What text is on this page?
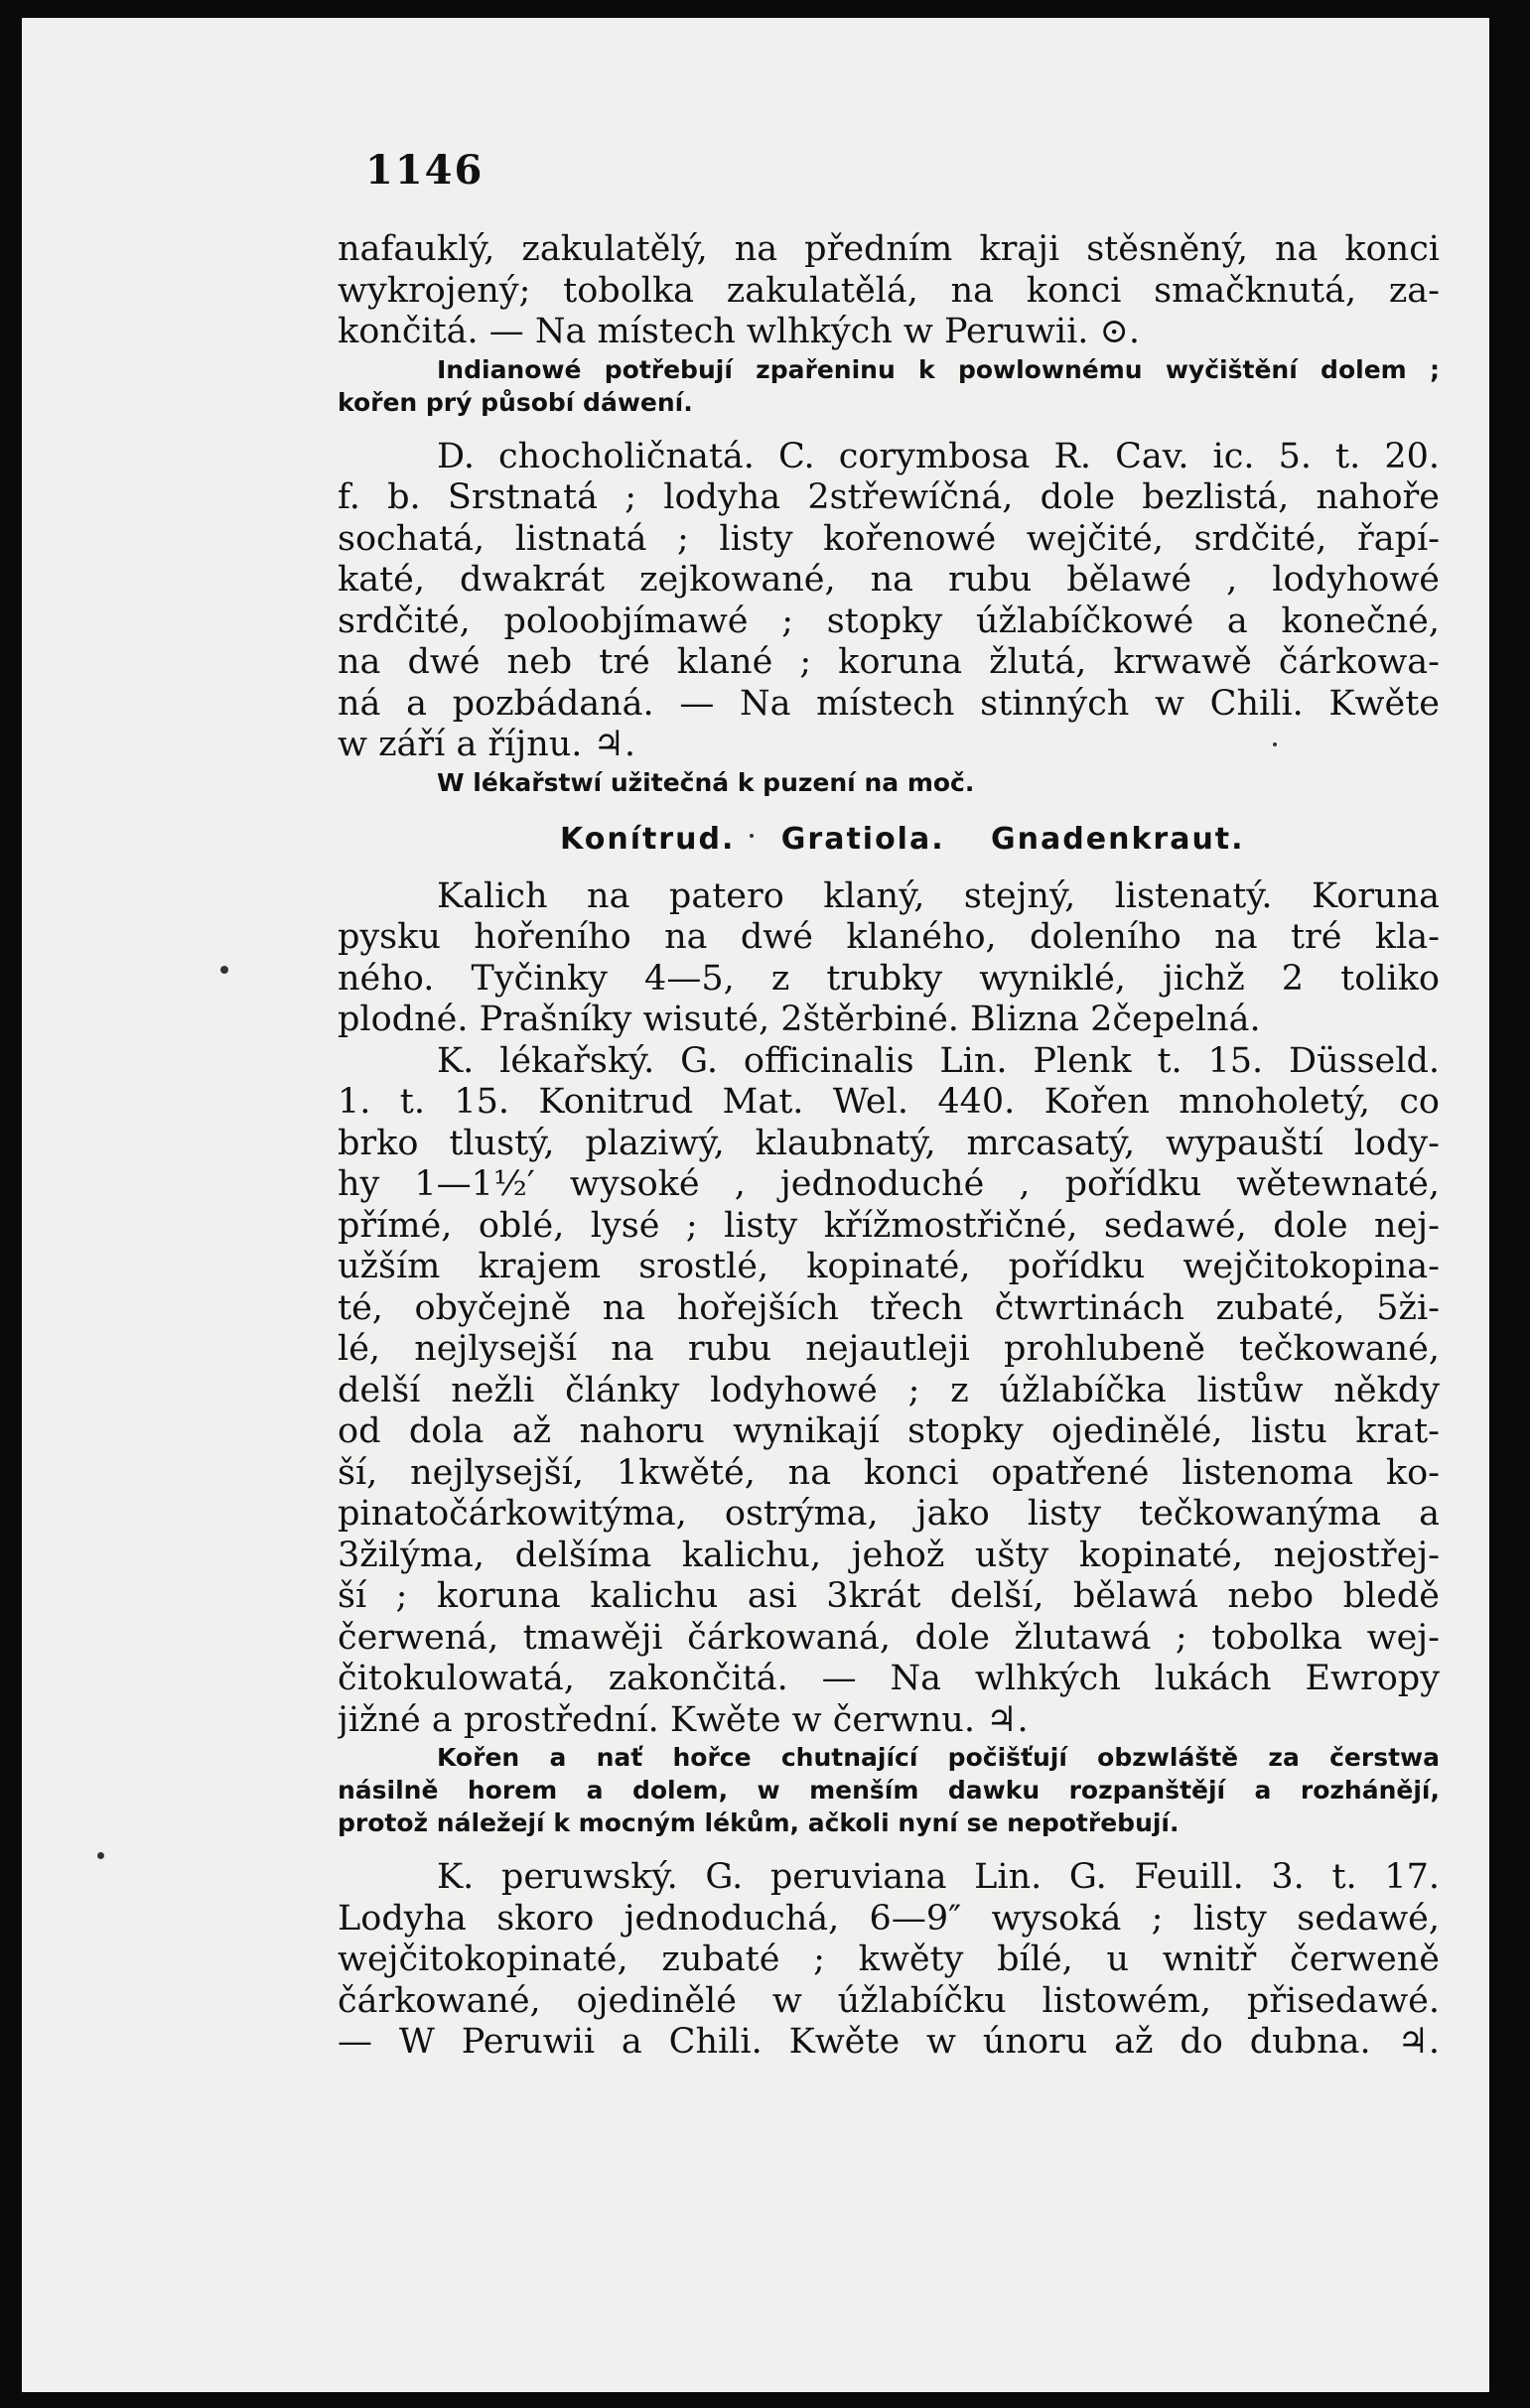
1146
nafauklý, zakulatělý, na předním kraji stěsněný, na konci
wykrojený; tobolka zakulatělá, na konci smačknutá, za-
končitá. — Na místech wlhkých w Peruwii. ⊙.
Indianowé potřebují zpařeninu k powlownému wyčištění dolem ;
kořen prý působí dáwení.
D. chocholičnatá. C. corymbosa R. Cav. ic. 5. t. 20.
f. b. Srstnatá ; lodyha 2střewíčná, dole bezlistá, nahoře
sochatá, listnatá ; listy kořenowé wejčité, srdčité, řapí-
katé, dwakrát zejkowané, na rubu bělawé , lodyhowé
srdčité, poloobjímawé ; stopky úžlabíčkowé a konečné,
na dwé neb tré klané ; koruna žlutá, krwawě čárkowa-
ná a pozbádaná. — Na místech stinných w Chili. Kwěte
w září a říjnu. ♃.
W lékařstwí užitečná k puzení na moč.
Konítrud. Gratiola. Gnadenkraut.
Kalich na patero klaný, stejný, listenatý. Koruna
pysku hořeního na dwé klaného, doleního na tré kla-
ného. Tyčinky 4—5, z trubky wyniklé, jichž 2 toliko
plodné. Prašníky wisuté, 2štěrbiné. Blizna 2čepelná.
K. lékařský. G. officinalis Lin. Plenk t. 15. Düsseld.
1. t. 15. Konitrud Mat. Wel. 440. Kořen mnoholetý, co
brko tlustý, plaziwý, klaubnatý, mrcasatý, wypauští lody-
hy 1—1½′ wysoké , jednoduché , pořídku wětewnaté,
přímé, oblé, lysé ; listy křížmostřičné, sedawé, dole nej-
užším krajem srostlé, kopinaté, pořídku wejčitokopina-
té, obyčejně na hořejších třech čtwrtinách zubaté, 5ži-
lé, nejlysejší na rubu nejautleji prohlubeně tečkowané,
delší nežli články lodyhowé ; z úžlabíčka listůw někdy
od dola až nahoru wynikají stopky ojedinělé, listu krat-
ší, nejlysejší, 1kwěté, na konci opatřené listenoma ko-
pinatočárkowitýma, ostrýma, jako listy tečkowanýma a
3žilýma, delšíma kalichu, jehož ušty kopinaté, nejostřej-
ší ; koruna kalichu asi 3krát delší, bělawá nebo bledě
čerwená, tmawěji čárkowaná, dole žlutawá ; tobolka wej-
čitokulowatá, zakončitá. — Na wlhkých lukách Ewropy
jižné a prostřední. Kwěte w čerwnu. ♃.
Kořen a nať hořce chutnající počišťují obzwláště za čerstwa
násilně horem a dolem, w menším dawku rozpanštějí a rozhánějí,
protož náležejí k mocným lékům, ačkoli nyní se nepotřebují.
K. peruwský. G. peruviana Lin. G. Feuill. 3. t. 17.
Lodyha skoro jednoduchá, 6—9″ wysoká ; listy sedawé,
wejčitokopinaté, zubaté ; kwěty bílé, u wnitř čerweně
čárkowané, ojedinělé w úžlabíčku listowém, přisedawé.
— W Peruwii a Chili. Kwěte w únoru až do dubna. ♃.
